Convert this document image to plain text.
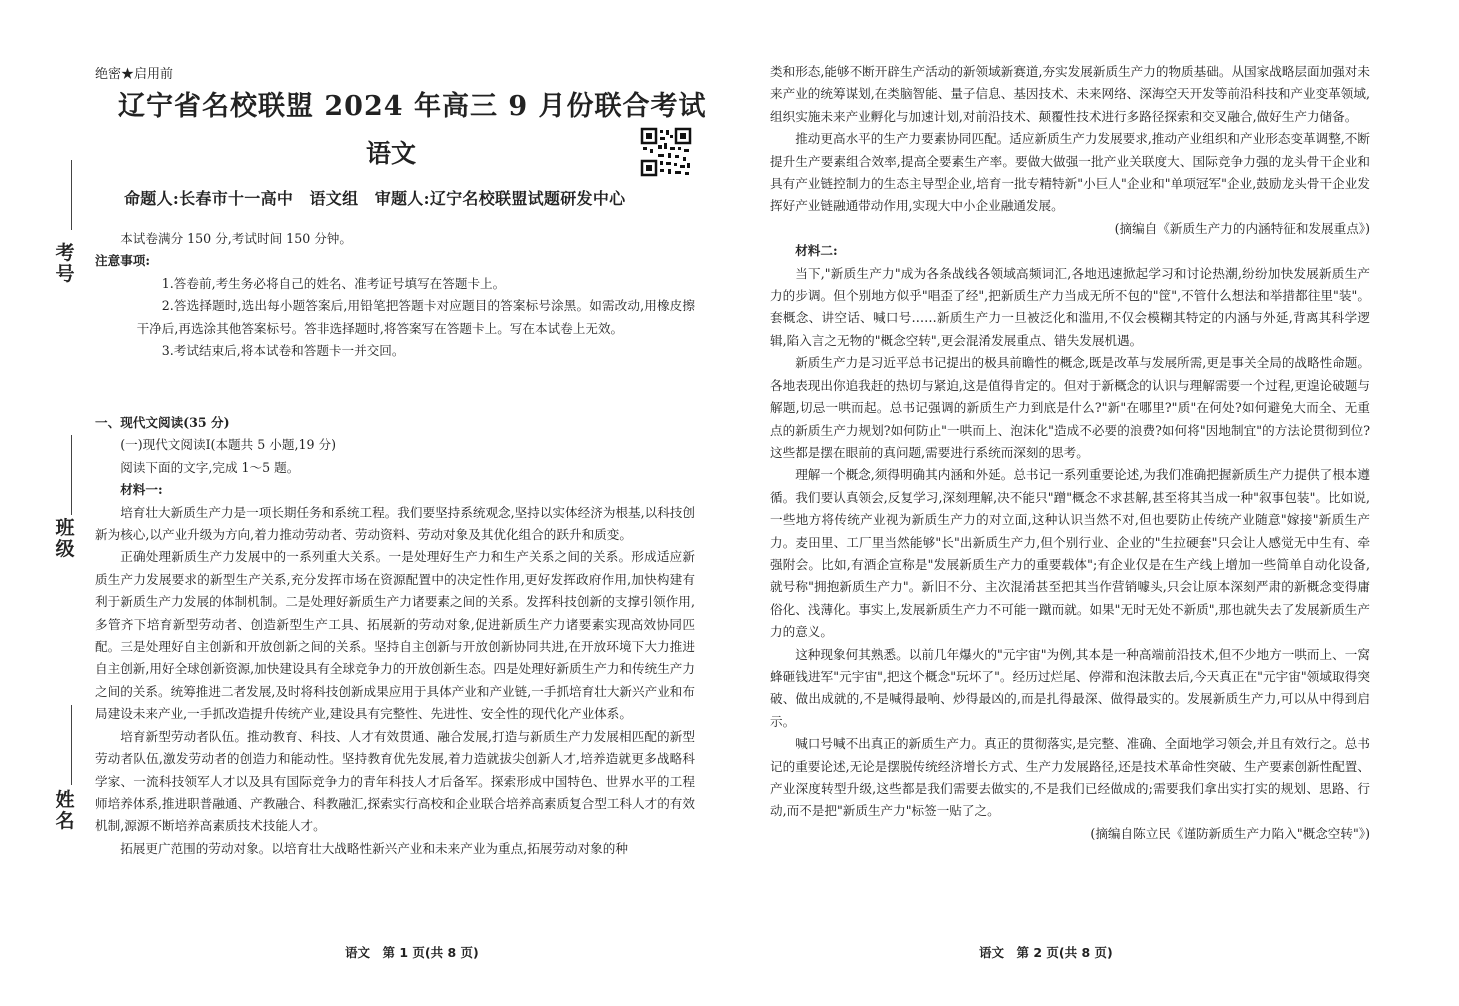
考号
班级
姓名
绝密★启用前
辽宁省名校联盟 2024 年高三 9 月份联合考试
语文
命题人:长春市十一高中　语文组　审题人:辽宁名校联盟试题研发中心

本试卷满分 150 分,考试时间 150 分钟。

注意事项:

1.答卷前,考生务必将自己的姓名、准考证号填写在答题卡上。

2.答选择题时,选出每小题答案后,用铅笔把答题卡对应题目的答案标号涂黑。如需改动,用橡皮擦干净后,再选涂其他答案标号。答非选择题时,将答案写在答题卡上。写在本试卷上无效。

3.考试结束后,将本试卷和答题卡一并交回。

一、现代文阅读(35 分)

(一)现代文阅读Ⅰ(本题共 5 小题,19 分)

阅读下面的文字,完成 1～5 题。

材料一:

培育壮大新质生产力是一项长期任务和系统工程。我们要坚持系统观念,坚持以实体经济为根基,以科技创新为核心,以产业升级为方向,着力推动劳动者、劳动资料、劳动对象及其优化组合的跃升和质变。

正确处理新质生产力发展中的一系列重大关系。一是处理好生产力和生产关系之间的关系。形成适应新质生产力发展要求的新型生产关系,充分发挥市场在资源配置中的决定性作用,更好发挥政府作用,加快构建有利于新质生产力发展的体制机制。二是处理好新质生产力诸要素之间的关系。发挥科技创新的支撑引领作用,多管齐下培育新型劳动者、创造新型生产工具、拓展新的劳动对象,促进新质生产力诸要素实现高效协同匹配。三是处理好自主创新和开放创新之间的关系。坚持自主创新与开放创新协同共进,在开放环境下大力推进自主创新,用好全球创新资源,加快建设具有全球竞争力的开放创新生态。四是处理好新质生产力和传统生产力之间的关系。统筹推进二者发展,及时将科技创新成果应用于具体产业和产业链,一手抓培育壮大新兴产业和布局建设未来产业,一手抓改造提升传统产业,建设具有完整性、先进性、安全性的现代化产业体系。

培育新型劳动者队伍。推动教育、科技、人才有效贯通、融合发展,打造与新质生产力发展相匹配的新型劳动者队伍,激发劳动者的创造力和能动性。坚持教育优先发展,着力造就拔尖创新人才,培养造就更多战略科学家、一流科技领军人才以及具有国际竞争力的青年科技人才后备军。探索形成中国特色、世界水平的工程师培养体系,推进职普融通、产教融合、科教融汇,探索实行高校和企业联合培养高素质复合型工科人才的有效机制,源源不断培养高素质技术技能人才。

拓展更广范围的劳动对象。以培育壮大战略性新兴产业和未来产业为重点,拓展劳动对象的种

语文　第 1 页(共 8 页)

类和形态,能够不断开辟生产活动的新领域新赛道,夯实发展新质生产力的物质基础。从国家战略层面加强对未来产业的统筹谋划,在类脑智能、量子信息、基因技术、未来网络、深海空天开发等前沿科技和产业变革领域,组织实施未来产业孵化与加速计划,对前沿技术、颠覆性技术进行多路径探索和交叉融合,做好生产力储备。

推动更高水平的生产力要素协同匹配。适应新质生产力发展要求,推动产业组织和产业形态变革调整,不断提升生产要素组合效率,提高全要素生产率。要做大做强一批产业关联度大、国际竞争力强的龙头骨干企业和具有产业链控制力的生态主导型企业,培育一批专精特新"小巨人"企业和"单项冠军"企业,鼓励龙头骨干企业发挥好产业链融通带动作用,实现大中小企业融通发展。

(摘编自《新质生产力的内涵特征和发展重点》)

材料二:

当下,"新质生产力"成为各条战线各领域高频词汇,各地迅速掀起学习和讨论热潮,纷纷加快发展新质生产力的步调。但个别地方似乎"唱歪了经",把新质生产力当成无所不包的"筐",不管什么想法和举措都往里"装"。套概念、讲空话、喊口号……新质生产力一旦被泛化和滥用,不仅会模糊其特定的内涵与外延,背离其科学逻辑,陷入言之无物的"概念空转",更会混淆发展重点、错失发展机遇。

新质生产力是习近平总书记提出的极具前瞻性的概念,既是改革与发展所需,更是事关全局的战略性命题。各地表现出你追我赶的热切与紧迫,这是值得肯定的。但对于新概念的认识与理解需要一个过程,更遑论破题与解题,切忌一哄而起。总书记强调的新质生产力到底是什么?"新"在哪里?"质"在何处?如何避免大而全、无重点的新质生产力规划?如何防止"一哄而上、泡沫化"造成不必要的浪费?如何将"因地制宜"的方法论贯彻到位?这些都是摆在眼前的真问题,需要进行系统而深刻的思考。

理解一个概念,须得明确其内涵和外延。总书记一系列重要论述,为我们准确把握新质生产力提供了根本遵循。我们要认真领会,反复学习,深刻理解,决不能只"蹭"概念不求甚解,甚至将其当成一种"叙事包装"。比如说,一些地方将传统产业视为新质生产力的对立面,这种认识当然不对,但也要防止传统产业随意"嫁接"新质生产力。麦田里、工厂里当然能够"长"出新质生产力,但个别行业、企业的"生拉硬套"只会让人感觉无中生有、牵强附会。比如,有酒企宣称是"发展新质生产力的重要载体";有企业仅是在生产线上增加一些简单自动化设备,就号称"拥抱新质生产力"。新旧不分、主次混淆甚至把其当作营销噱头,只会让原本深刻严肃的新概念变得庸俗化、浅薄化。事实上,发展新质生产力不可能一蹴而就。如果"无时无处不新质",那也就失去了发展新质生产力的意义。

这种现象何其熟悉。以前几年爆火的"元宇宙"为例,其本是一种高端前沿技术,但不少地方一哄而上、一窝蜂砸钱进军"元宇宙",把这个概念"玩坏了"。经历过烂尾、停滞和泡沫散去后,今天真正在"元宇宙"领域取得突破、做出成就的,不是喊得最响、炒得最凶的,而是扎得最深、做得最实的。发展新质生产力,可以从中得到启示。

喊口号喊不出真正的新质生产力。真正的贯彻落实,是完整、准确、全面地学习领会,并且有效行之。总书记的重要论述,无论是摆脱传统经济增长方式、生产力发展路径,还是技术革命性突破、生产要素创新性配置、产业深度转型升级,这些都是我们需要去做实的,不是我们已经做成的;需要我们拿出实打实的规划、思路、行动,而不是把"新质生产力"标签一贴了之。

(摘编自陈立民《谨防新质生产力陷入"概念空转"》)

语文　第 2 页(共 8 页)
